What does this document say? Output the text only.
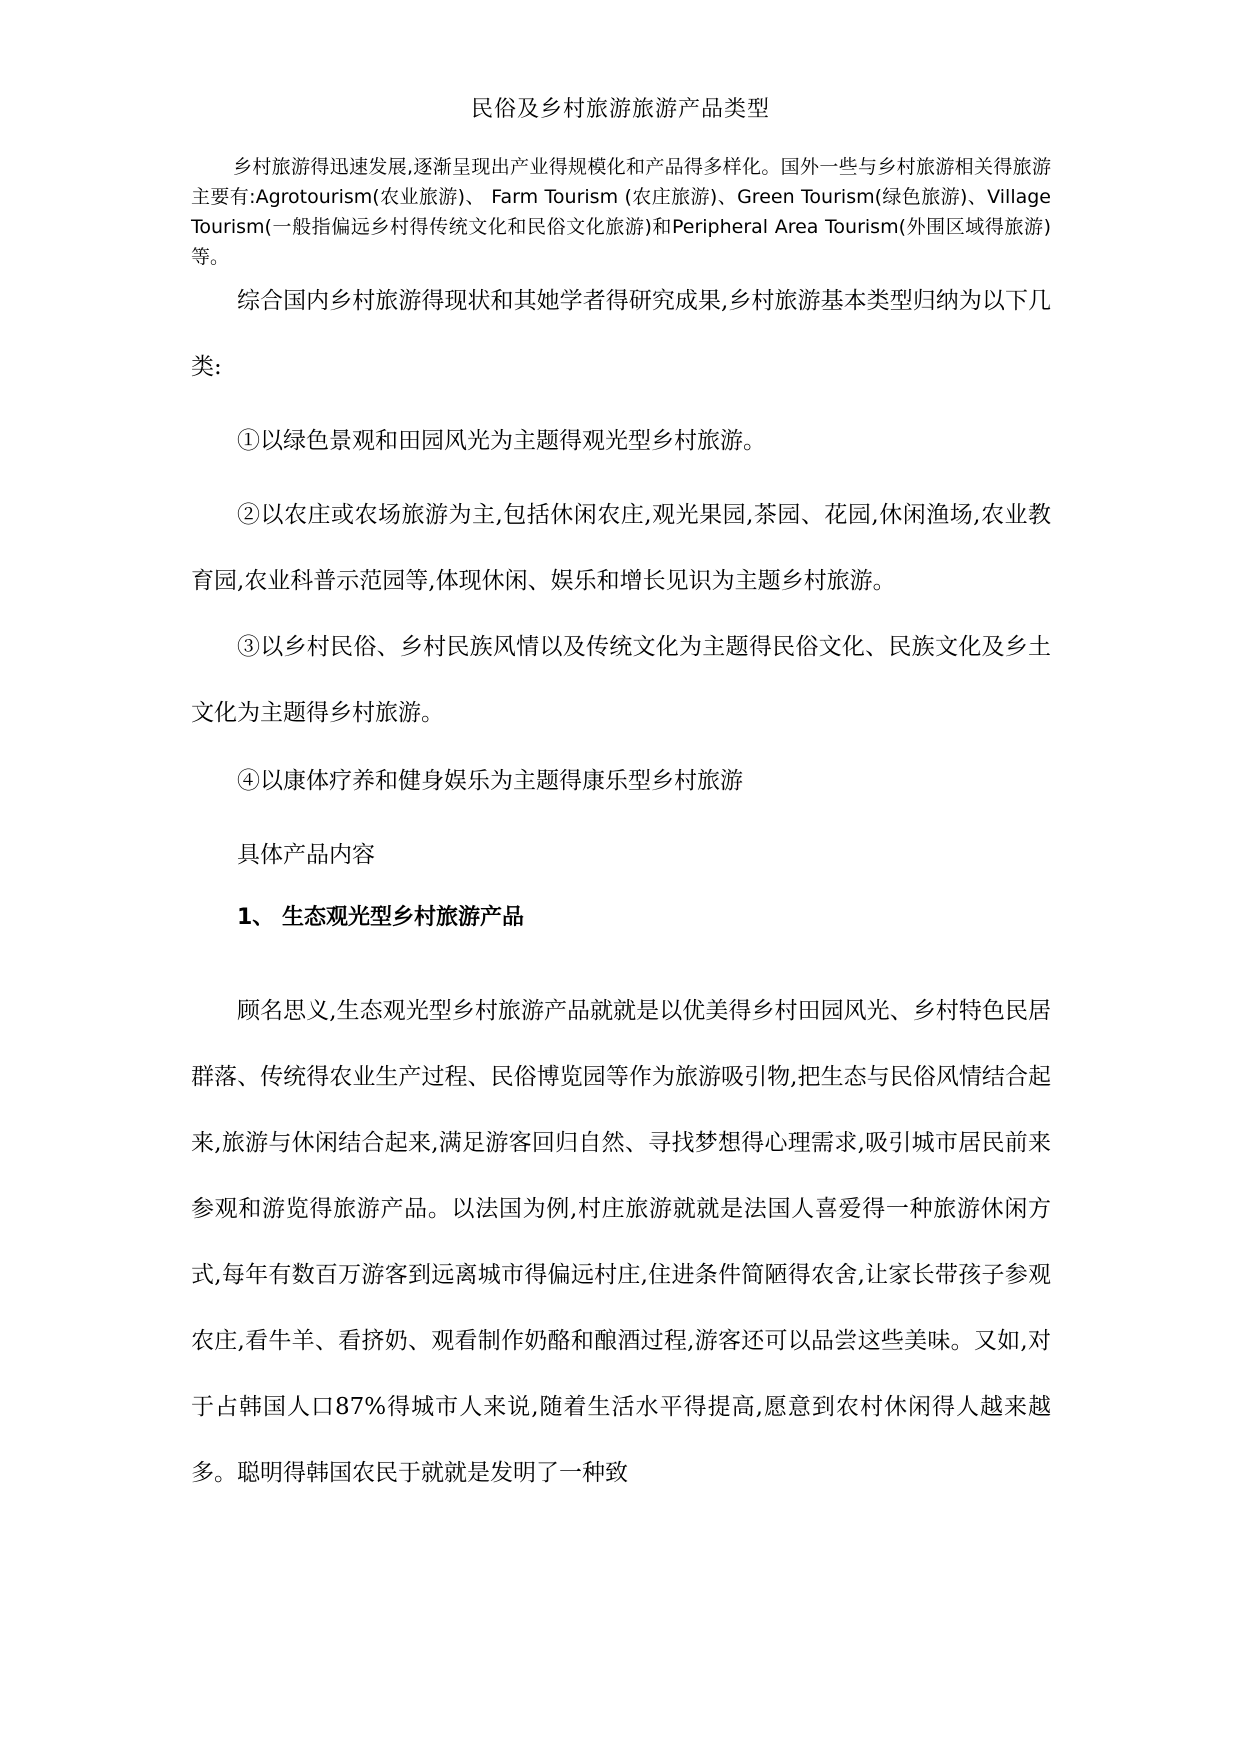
民俗及乡村旅游旅游产品类型

乡村旅游得迅速发展,逐渐呈现出产业得规模化和产品得多样化。国外一些与乡村旅游相关得旅游主要有:Agrotourism(农业旅游)、 Farm Tourism (农庄旅游)、Green Tourism(绿色旅游)、Village Tourism(一般指偏远乡村得传统文化和民俗文化旅游)和Peripheral Area Tourism(外围区域得旅游) 等。

综合国内乡村旅游得现状和其她学者得研究成果,乡村旅游基本类型归纳为以下几类:

①以绿色景观和田园风光为主题得观光型乡村旅游。

②以农庄或农场旅游为主,包括休闲农庄,观光果园,茶园、花园,休闲渔场,农业教育园,农业科普示范园等,体现休闲、娱乐和增长见识为主题乡村旅游。

③以乡村民俗、乡村民族风情以及传统文化为主题得民俗文化、民族文化及乡土文化为主题得乡村旅游。

④以康体疗养和健身娱乐为主题得康乐型乡村旅游

具体产品内容

1、 生态观光型乡村旅游产品

顾名思义,生态观光型乡村旅游产品就就是以优美得乡村田园风光、乡村特色民居群落、传统得农业生产过程、民俗博览园等作为旅游吸引物,把生态与民俗风情结合起来,旅游与休闲结合起来,满足游客回归自然、寻找梦想得心理需求,吸引城市居民前来参观和游览得旅游产品。以法国为例,村庄旅游就就是法国人喜爱得一种旅游休闲方式,每年有数百万游客到远离城市得偏远村庄,住进条件简陋得农舍,让家长带孩子参观农庄,看牛羊、看挤奶、观看制作奶酪和酿酒过程,游客还可以品尝这些美味。又如,对于占韩国人口87%得城市人来说,随着生活水平得提高,愿意到农村休闲得人越来越多。聪明得韩国农民于就就是发明了一种致
